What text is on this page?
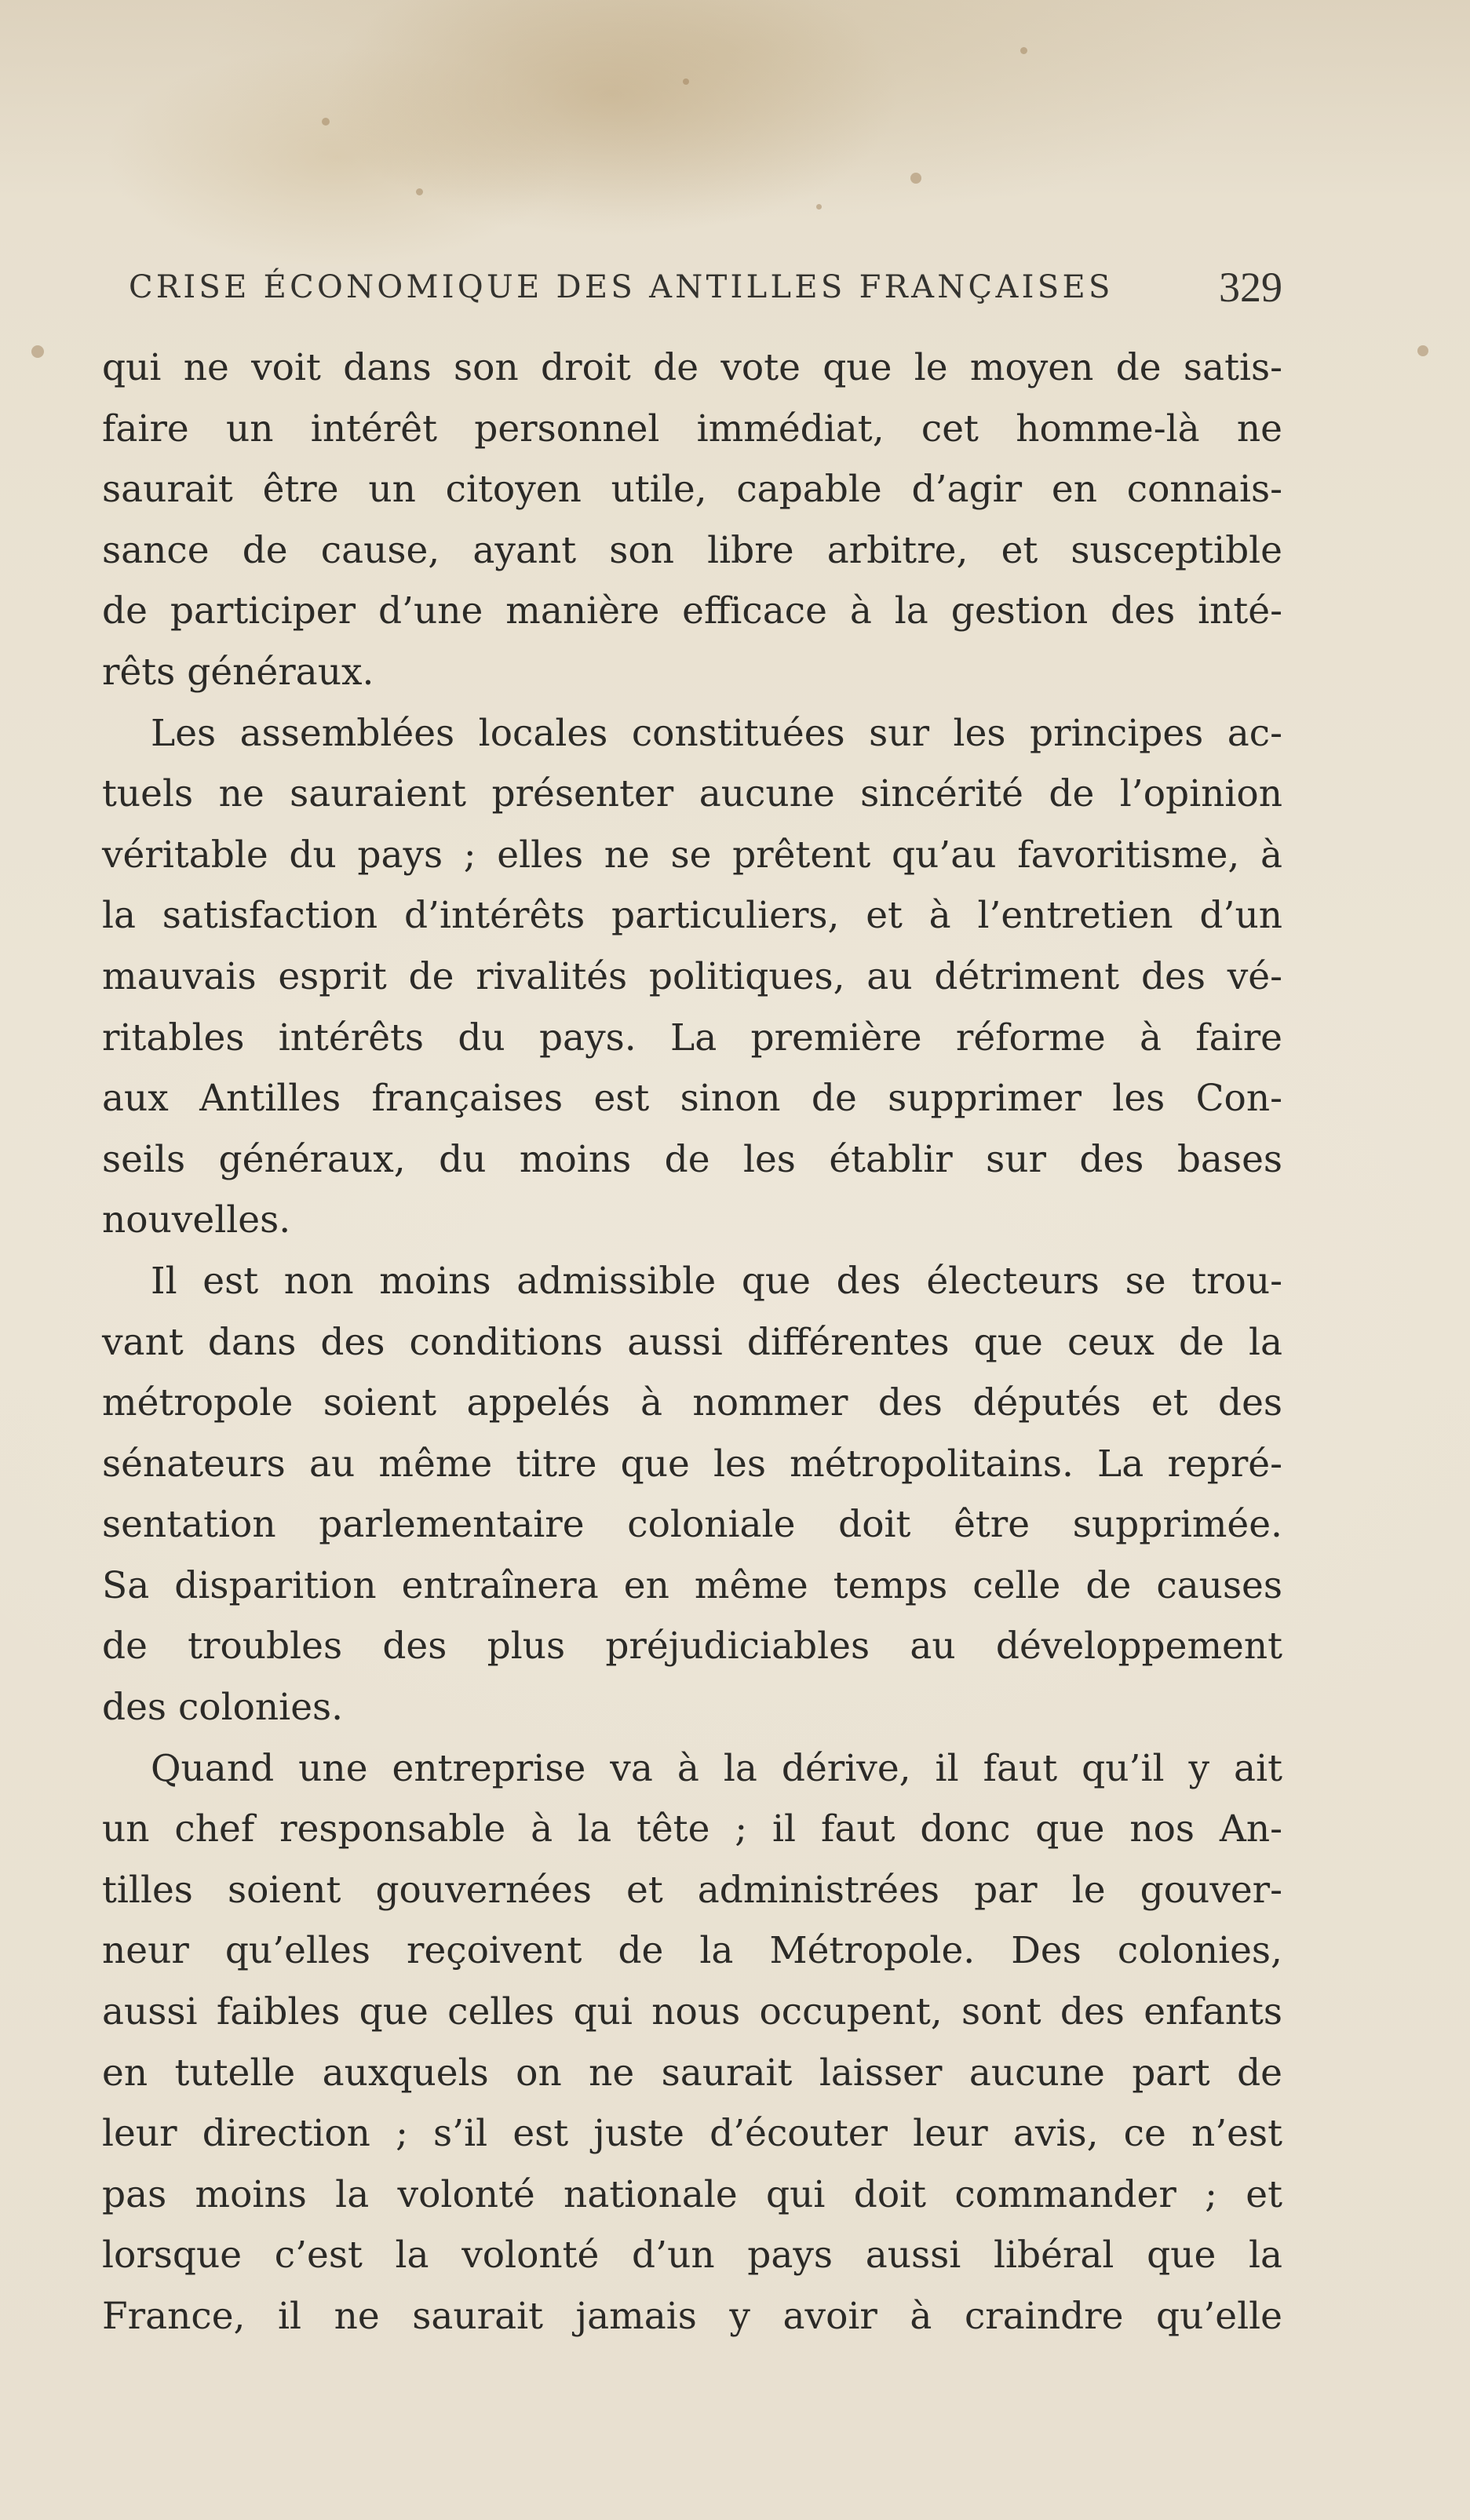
CRISE ÉCONOMIQUE DES ANTILLES FRANÇAISES 329
qui ne voit dans son droit de vote que le moyen de satis-
faire un intérêt personnel immédiat, cet homme-là ne
saurait être un citoyen utile, capable d’agir en connais-
sance de cause, ayant son libre arbitre, et susceptible
de participer d’une manière efficace à la gestion des inté-
rêts généraux.
Les assemblées locales constituées sur les principes ac-
tuels ne sauraient présenter aucune sincérité de l’opinion
véritable du pays ; elles ne se prêtent qu’au favoritisme, à
la satisfaction d’intérêts particuliers, et à l’entretien d’un
mauvais esprit de rivalités politiques, au détriment des vé-
ritables intérêts du pays. La première réforme à faire
aux Antilles françaises est sinon de supprimer les Con-
seils généraux, du moins de les établir sur des bases
nouvelles.
Il est non moins admissible que des électeurs se trou-
vant dans des conditions aussi différentes que ceux de la
métropole soient appelés à nommer des députés et des
sénateurs au même titre que les métropolitains. La repré-
sentation parlementaire coloniale doit être supprimée.
Sa disparition entraînera en même temps celle de causes
de troubles des plus préjudiciables au développement
des colonies.
Quand une entreprise va à la dérive, il faut qu’il y ait
un chef responsable à la tête ; il faut donc que nos An-
tilles soient gouvernées et administrées par le gouver-
neur qu’elles reçoivent de la Métropole. Des colonies,
aussi faibles que celles qui nous occupent, sont des enfants
en tutelle auxquels on ne saurait laisser aucune part de
leur direction ; s’il est juste d’écouter leur avis, ce n’est
pas moins la volonté nationale qui doit commander ; et
lorsque c’est la volonté d’un pays aussi libéral que la
France, il ne saurait jamais y avoir à craindre qu’elle
